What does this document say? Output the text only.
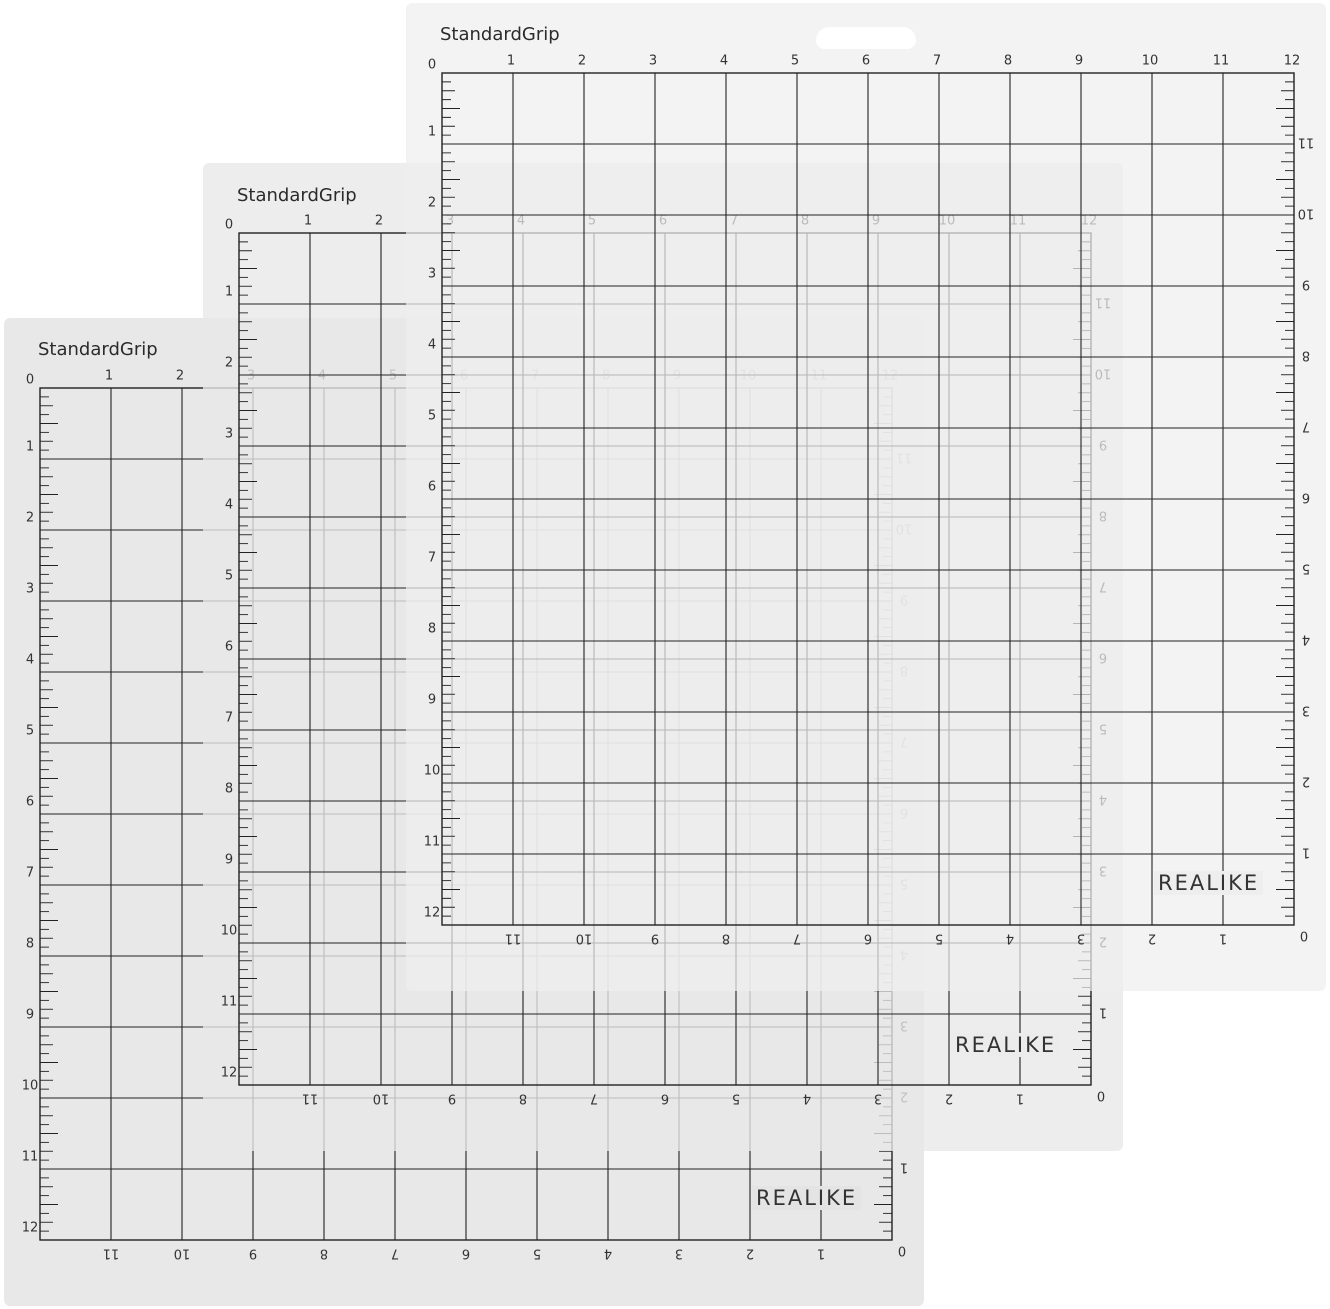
0	1	2
1
2
3
4
5
6
7
8
9
10
11
12
11	10	9	8	7	6	5	4	3	2	1	0
1
StandardGrip
REALIKE
0	1	2
1
2
3
4
5
6
7
8
9
10
11
12
11	10	9	8	7	6	5	4	3	2	1	0
1
StandardGrip
REALIKE
0	1	2	3	4	5	6	7	8	9	10	11	12
1
2
3
4
5
6
7
8
9
10
11
12
11	10	9	8	7	6	5	4	3	2	1	0
11
10
9
8
7
6
5
4
3
2
1
StandardGrip
REALIKE
